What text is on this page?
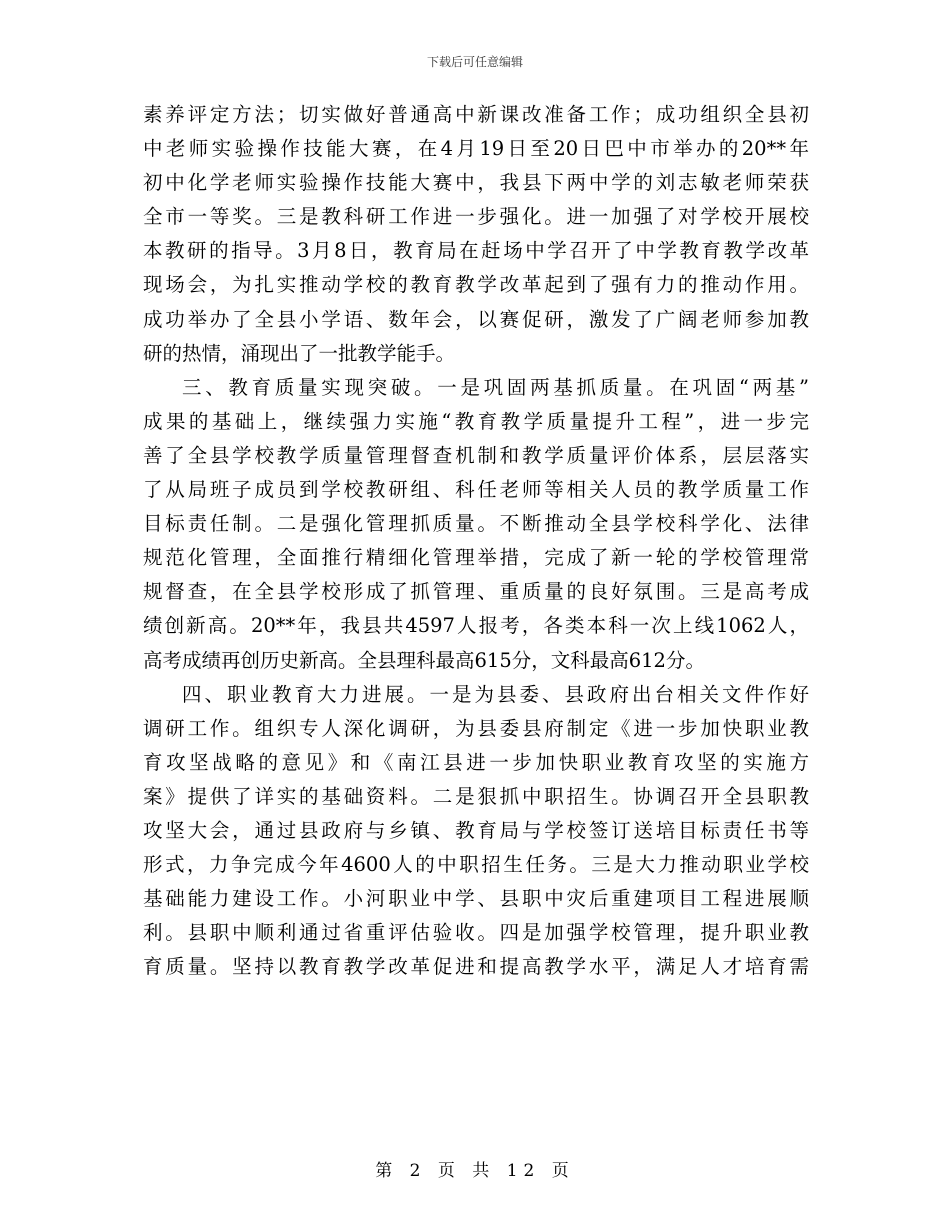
下载后可任意编辑
素养评定方法；切实做好普通高中新课改准备工作；成功组织全县初
中老师实验操作技能大赛，在4月19日至20日巴中市举办的20**年
初中化学老师实验操作技能大赛中，我县下两中学的刘志敏老师荣获
全市一等奖。三是教科研工作进一步强化。进一加强了对学校开展校
本教研的指导。3月8日，教育局在赶场中学召开了中学教育教学改革
现场会，为扎实推动学校的教育教学改革起到了强有力的推动作用。
成功举办了全县小学语、数年会，以赛促研，激发了广阔老师参加教
研的热情，涌现出了一批教学能手。
三、教育质量实现突破。一是巩固两基抓质量。在巩固“两基”
成果的基础上，继续强力实施“教育教学质量提升工程”，进一步完
善了全县学校教学质量管理督查机制和教学质量评价体系，层层落实
了从局班子成员到学校教研组、科任老师等相关人员的教学质量工作
目标责任制。二是强化管理抓质量。不断推动全县学校科学化、法律
规范化管理，全面推行精细化管理举措，完成了新一轮的学校管理常
规督查，在全县学校形成了抓管理、重质量的良好氛围。三是高考成
绩创新高。20**年，我县共4597人报考，各类本科一次上线1062人，
高考成绩再创历史新高。全县理科最高615分，文科最高612分。
四、职业教育大力进展。一是为县委、县政府出台相关文件作好
调研工作。组织专人深化调研，为县委县府制定《进一步加快职业教
育攻坚战略的意见》和《南江县进一步加快职业教育攻坚的实施方
案》提供了详实的基础资料。二是狠抓中职招生。协调召开全县职教
攻坚大会，通过县政府与乡镇、教育局与学校签订送培目标责任书等
形式，力争完成今年4600人的中职招生任务。三是大力推动职业学校
基础能力建设工作。小河职业中学、县职中灾后重建项目工程进展顺
利。县职中顺利通过省重评估验收。四是加强学校管理，提升职业教
育质量。坚持以教育教学改革促进和提高教学水平，满足人才培育需
第 2 页 共 12 页
